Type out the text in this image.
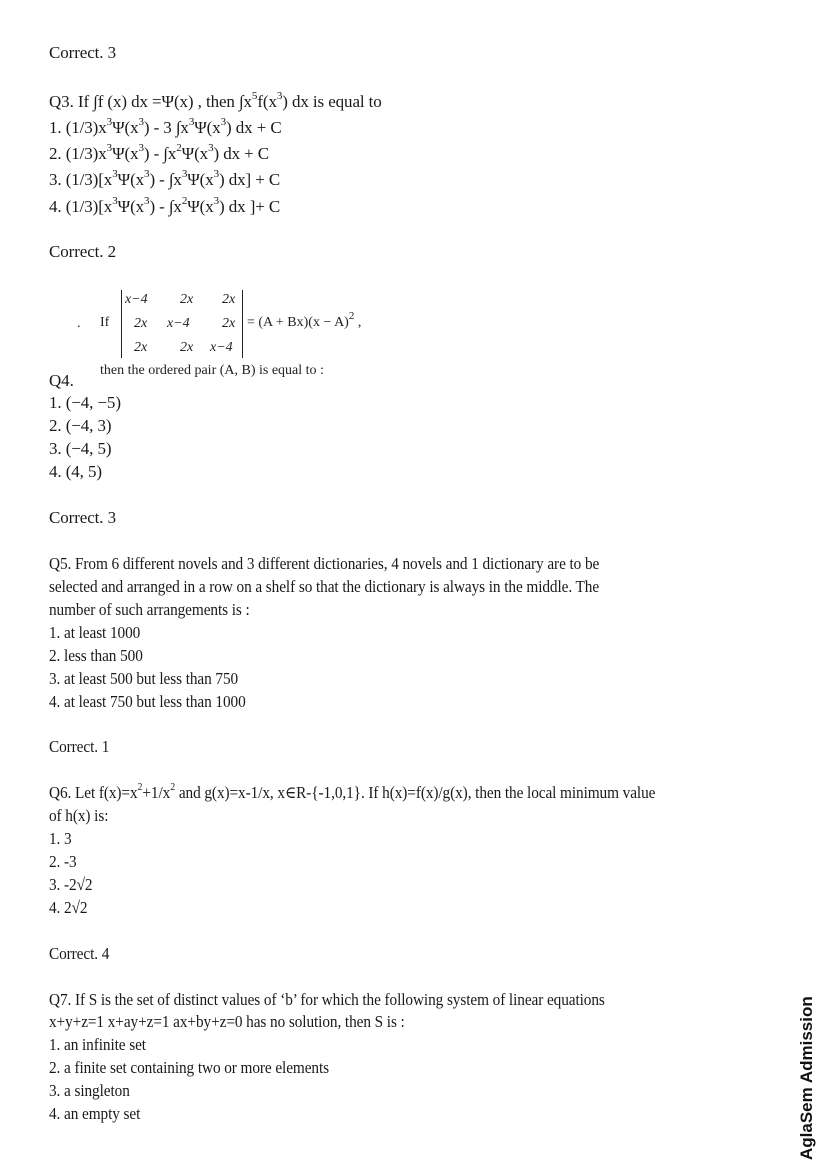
Correct. 3
Q3. If ∫f (x) dx =Ψ(x) , then $\int x^5f(x^3)$ dx is equal to
1. $(1/3)x^3\Psi(x^3) - 3$ $\int x^3\Psi(x^3)$ dx + C
2. $(1/3)x^3\Psi(x^3) - \int x^2\Psi(x^3)$ dx + C
3. $(1/3)[x^3\Psi(x^3) - \int x^3\Psi(x^3) dx] + C$
4. $(1/3)[x^3\Psi(x^3) - \int x^2\Psi(x^3)$ dx ]+ C
Correct. 2
. If
x−4 2x 2x
2x x−4 2x
2x 2x x−4
= $(A + Bx)(x - A)^2$ ,
then the ordered pair (A, B) is equal to :
Q4.
1. (−4, −5)
2. (−4, 3)
3. (−4, 5)
4. (4, 5)
Correct. 3
Q5. From 6 different novels and 3 different dictionaries, 4 novels and 1 dictionary are to be
selected and arranged in a row on a shelf so that the dictionary is always in the middle. The
number of such arrangements is :
1. at least 1000
2. less than 500
3. at least 500 but less than 750
4. at least 750 but less than 1000
Correct. 1
Q6. Let $f(x)=x^2+1/x^2$ and g(x)=x-1/x, x∈R-{-1,0,1}. If h(x)=f(x)/g(x), then the local minimum value
of h(x) is:
1. 3
2. -3
3. -2√2
4. 2√2
Correct. 4
Q7. If S is the set of distinct values of ‘b’ for which the following system of linear equations
x+y+z=1 x+ay+z=1 ax+by+z=0 has no solution, then S is :
1. an infinite set
2. a finite set containing two or more elements
3. a singleton
4. an empty set	AglaSem Admission
